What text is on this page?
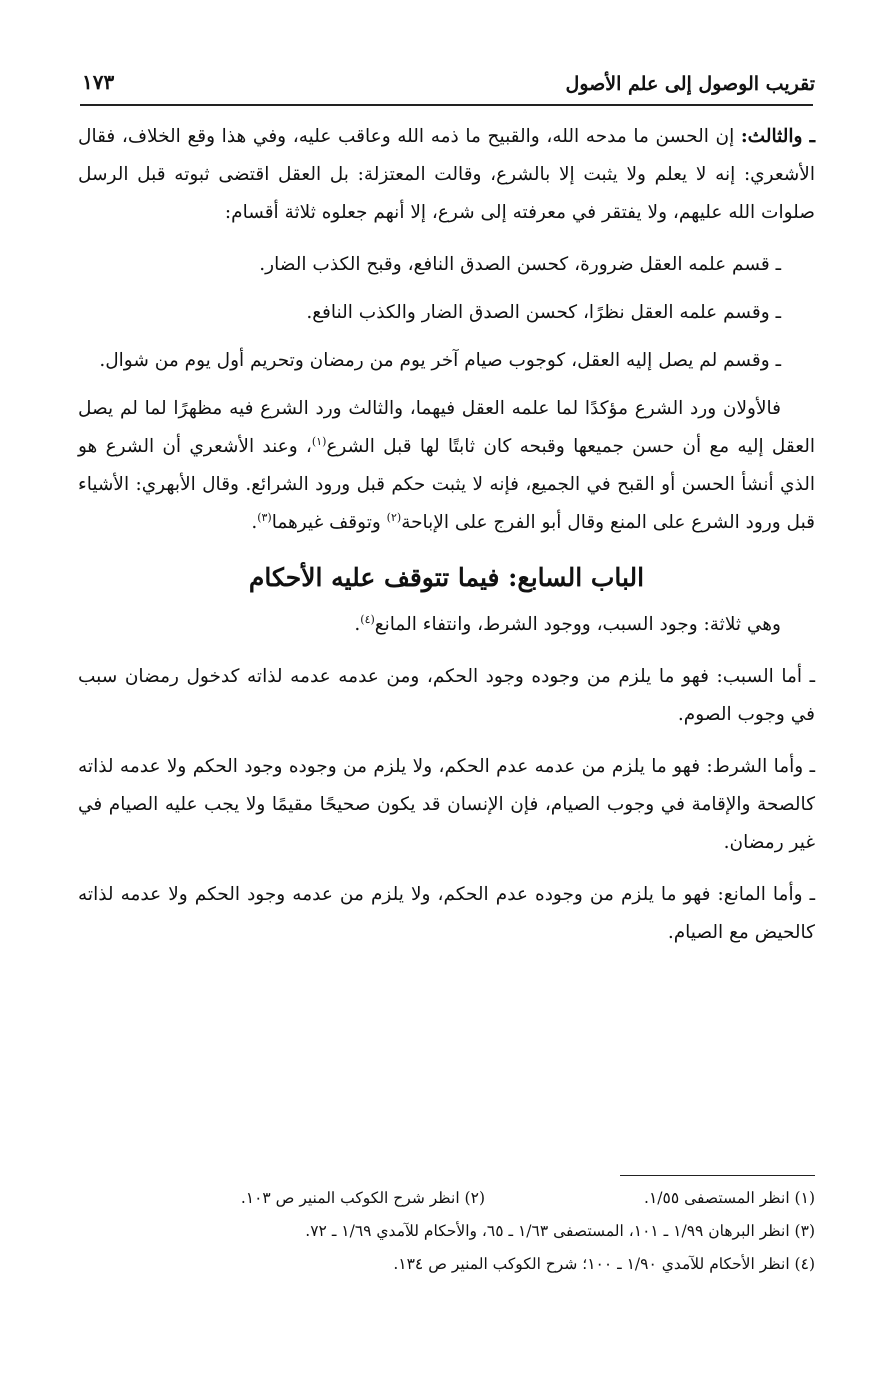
تقريب الوصول إلى علم الأصول
١٧٣

ـ والثالث: إن الحسن ما مدحه الله، والقبيح ما ذمه الله وعاقب عليه، وفي هذا وقع الخلاف، فقال الأشعري: إنه لا يعلم ولا يثبت إلا بالشرع، وقالت المعتزلة: بل العقل اقتضى ثبوته قبل الرسل صلوات الله عليهم، ولا يفتقر في معرفته إلى شرع، إلا أنهم جعلوه ثلاثة أقسام:

ـ قسم علمه العقل ضرورة، كحسن الصدق النافع، وقبح الكذب الضار.

ـ وقسم علمه العقل نظرًا، كحسن الصدق الضار والكذب النافع.

ـ وقسم لم يصل إليه العقل، كوجوب صيام آخر يوم من رمضان وتحريم أول يوم من شوال.

فالأولان ورد الشرع مؤكدًا لما علمه العقل فيهما، والثالث ورد الشرع فيه مظهرًا لما لم يصل العقل إليه مع أن حسن جميعها وقبحه كان ثابتًا لها قبل الشرع$^{(١)}$، وعند الأشعري أن الشرع هو الذي أنشأ الحسن أو القبح في الجميع، فإنه لا يثبت حكم قبل ورود الشرائع. وقال الأبهري: الأشياء قبل ورود الشرع على المنع وقال أبو الفرج على الإباحة$^{(٢)}$ وتوقف غيرهما$^{(٣)}$.

الباب السابع: فيما تتوقف عليه الأحكام

وهي ثلاثة: وجود السبب، ووجود الشرط، وانتفاء المانع$^{(٤)}$.

ـ أما السبب: فهو ما يلزم من وجوده وجود الحكم، ومن عدمه عدمه لذاته كدخول رمضان سبب في وجوب الصوم.

ـ وأما الشرط: فهو ما يلزم من عدمه عدم الحكم، ولا يلزم من وجوده وجود الحكم ولا عدمه لذاته كالصحة والإقامة في وجوب الصيام، فإن الإنسان قد يكون صحيحًا مقيمًا ولا يجب عليه الصيام في غير رمضان.

ـ وأما المانع: فهو ما يلزم من وجوده عدم الحكم، ولا يلزم من عدمه وجود الحكم ولا عدمه لذاته كالحيض مع الصيام.

(١) انظر المستصفى ١/٥٥.
(٢) انظر شرح الكوكب المنير ص ١٠٣.
(٣) انظر البرهان ١/٩٩ ـ ١٠١، المستصفى ١/٦٣ ـ ٦٥، والأحكام للآمدي ١/٦٩ ـ ٧٢.
(٤) انظر الأحكام للآمدي ١/٩٠ ـ ١٠٠؛ شرح الكوكب المنير ص ١٣٤.
